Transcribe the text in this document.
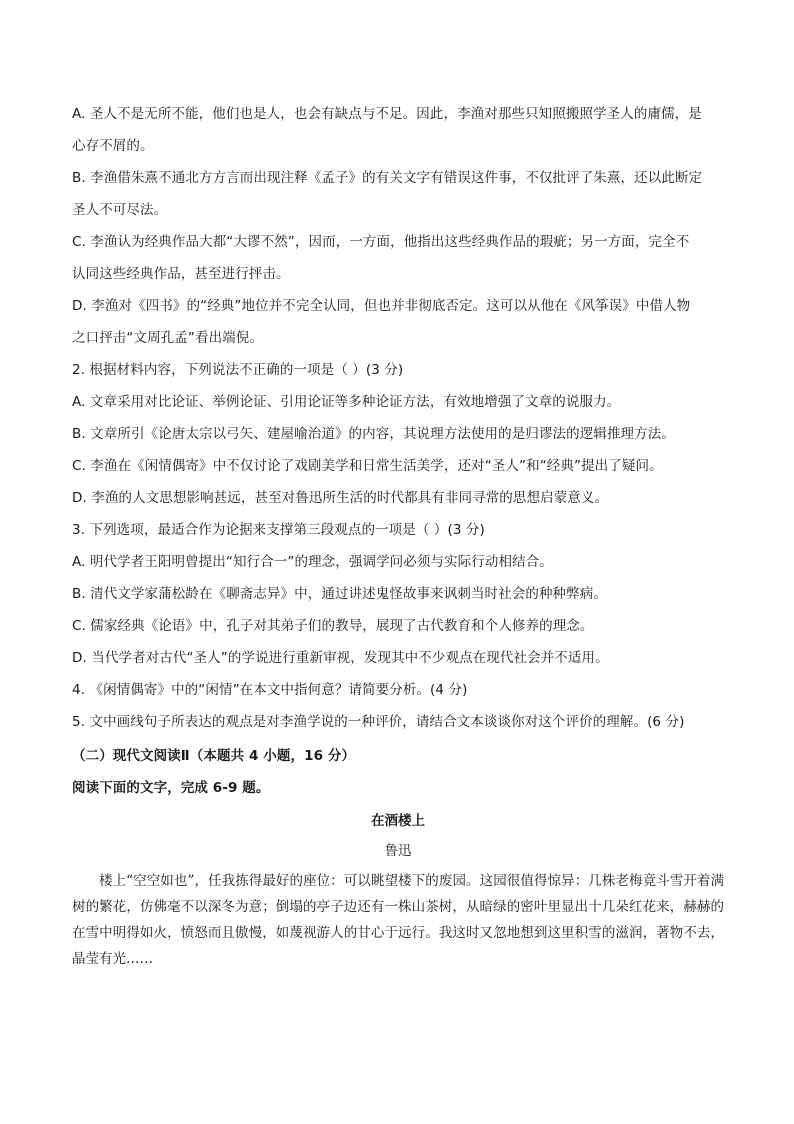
A. 圣人不是无所不能，他们也是人，也会有缺点与不足。因此，李渔对那些只知照搬照学圣人的庸儒，是
心存不屑的。
B. 李渔借朱熹不通北方方言而出现注释《孟子》的有关文字有错误这件事，不仅批评了朱熹，还以此断定
圣人不可尽法。
C. 李渔认为经典作品大都“大谬不然”，因而，一方面，他指出这些经典作品的瑕疵；另一方面，完全不
认同这些经典作品，甚至进行抨击。
D. 李渔对《四书》的“经典”地位并不完全认同，但也并非彻底否定。这可以从他在《风筝误》中借人物
之口抨击“文周孔孟”看出端倪。
2. 根据材料内容，下列说法不正确的一项是（ ）(3 分)
A. 文章采用对比论证、举例论证、引用论证等多种论证方法，有效地增强了文章的说服力。
B. 文章所引《论唐太宗以弓矢、建屋喻治道》的内容，其说理方法使用的是归谬法的逻辑推理方法。
C. 李渔在《闲情偶寄》中不仅讨论了戏剧美学和日常生活美学，还对“圣人”和“经典”提出了疑问。
D. 李渔的人文思想影响甚远，甚至对鲁迅所生活的时代都具有非同寻常的思想启蒙意义。
3. 下列选项，最适合作为论据来支撑第三段观点的一项是（ ）(3 分)
A. 明代学者王阳明曾提出“知行合一”的理念，强调学问必须与实际行动相结合。
B. 清代文学家蒲松龄在《聊斋志异》中，通过讲述鬼怪故事来讽刺当时社会的种种弊病。
C. 儒家经典《论语》中，孔子对其弟子们的教导，展现了古代教育和个人修养的理念。
D. 当代学者对古代“圣人”的学说进行重新审视，发现其中不少观点在现代社会并不适用。
4. 《闲情偶寄》中的“闲情”在本文中指何意？请简要分析。(4 分)
5. 文中画线句子所表达的观点是对李渔学说的一种评价，请结合文本谈谈你对这个评价的理解。(6 分)
（二）现代文阅读Ⅱ（本题共 4 小题，16 分）
阅读下面的文字，完成 6-9 题。
在酒楼上
鲁迅
楼上“空空如也”，任我拣得最好的座位：可以眺望楼下的废园。这园很值得惊异：几株老梅竟斗雪开着满树的繁花，仿佛毫不以深冬为意；倒塌的亭子边还有一株山茶树，从暗绿的密叶里显出十几朵红花来，赫赫的在雪中明得如火，愤怒而且傲慢，如蔑视游人的甘心于远行。我这时又忽地想到这里积雪的滋润，著物不去，晶莹有光……
